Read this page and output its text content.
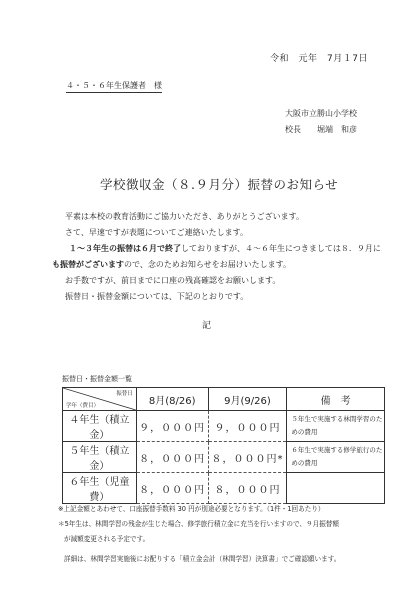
令和　元年　7月１7日
４・５・６年生保護者　様
大阪市立勝山小学校
校長　　堀端　和彦
学校徴収金（８.９月分）振替のお知らせ
平素は本校の教育活動にご協力いただき、ありがとうございます。
さて、早速ですが表題についてご連絡いたします。
１～３年生の振替は６月で終了しておりますが、４～６年生につきましては８．９月に
も振替がございますので、念のためお知らせをお届けいたします。
お手数ですが、前日までに口座の残高確認をお願いします。
振替日・振替金額については、下記のとおりです。
記
振替日・振替金額一覧
振替日
学年（費目）	8月(8/26)	9月(9/26)	備　考
４年生（積立金）	９，０００円	９，０００円	５年生で実施する林間学習のための費用
５年生（積立金）	８，０００円	８，０００円*	６年生で実施する修学旅行のための費用
６年生（児童費）	８，０００円	８，０００円	
※上記金額とあわせて、口座振替手数料 30 円が別途必要となります。（1件・1回あたり）
＊5年生は、林間学習の残金が生じた場合、修学旅行積立金に充当を行いますので、９月振替額
が減額変更される予定です。
詳細は、林間学習実施後にお配りする「積立金会計（林間学習）決算書」でご確認願います。
